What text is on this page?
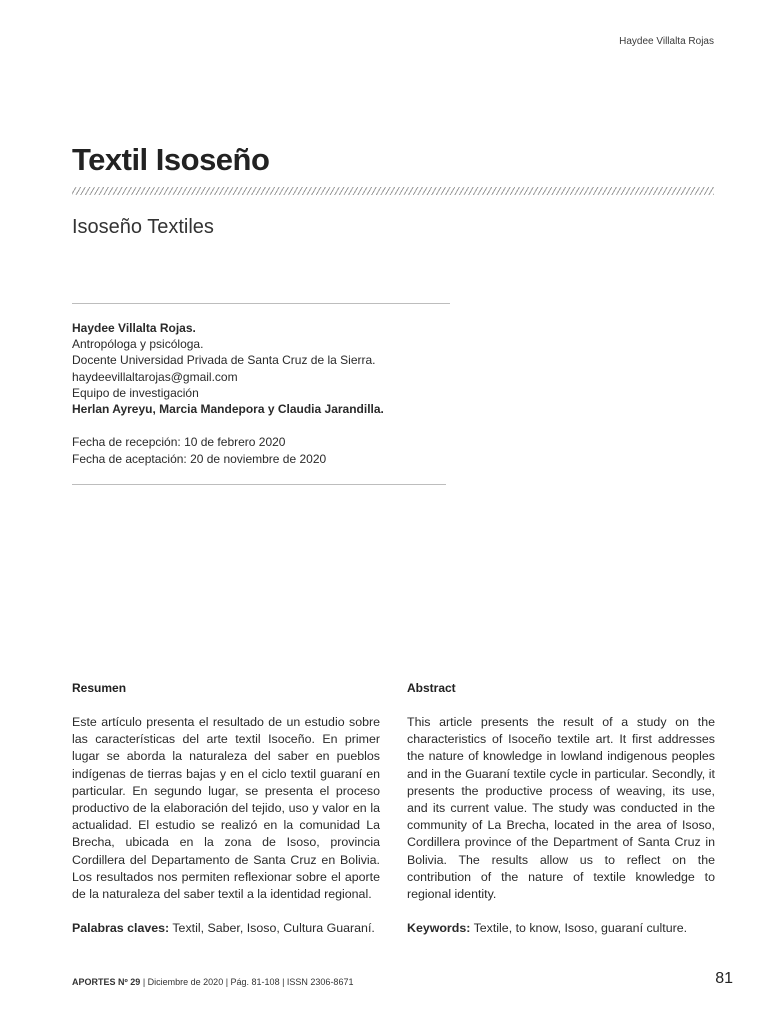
Haydee Villalta Rojas
Textil Isoseño
Isoseño Textiles
Haydee Villalta Rojas.
Antropóloga y psicóloga.
Docente Universidad Privada de Santa Cruz de la Sierra.
haydeevillaltarojas@gmail.com
Equipo de investigación
Herlan Ayreyu, Marcia Mandepora y Claudia Jarandilla.
Fecha de recepción: 10 de febrero 2020
Fecha de aceptación: 20 de noviembre de 2020
Resumen

Este artículo presenta el resultado de un estudio sobre las características del arte textil Isoceño. En primer lugar se aborda la naturaleza del saber en pueblos indígenas de tierras bajas y en el ciclo textil guaraní en particular. En segundo lugar, se presenta el proceso productivo de la elaboración del tejido, uso y valor en la actualidad. El estudio se realizó en la comunidad La Brecha, ubicada en la zona de Isoso, provincia Cordillera del Departamento de Santa Cruz en Bolivia. Los resultados nos permiten reflexionar sobre el aporte de la naturaleza del saber textil a la identidad regional.

Palabras claves: Textil, Saber, Isoso, Cultura Guaraní.
Abstract

This article presents the result of a study on the characteristics of Isoceño textile art. It first addresses the nature of knowledge in lowland indigenous peoples and in the Guaraní textile cycle in particular. Secondly, it presents the productive process of weaving, its use, and its current value. The study was conducted in the community of La Brecha, located in the area of Isoso, Cordillera province of the Department of Santa Cruz in Bolivia. The results allow us to reflect on the contribution of the nature of textile knowledge to regional identity.

Keywords: Textile, to know, Isoso, guaraní culture.
APORTES Nº 29 | Diciembre de 2020 | Pág. 81-108 | ISSN 2306-8671	81
